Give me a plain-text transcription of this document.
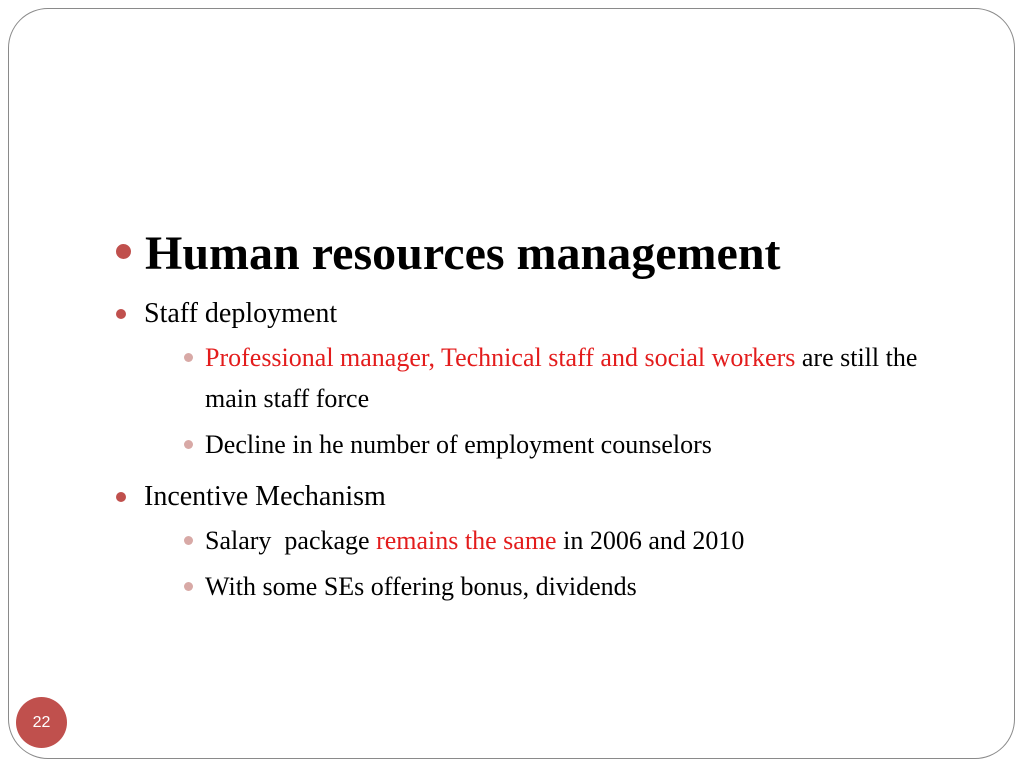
Human resources management
Staff deployment
Professional manager, Technical staff and social workers are still the main staff force
Decline in he number of employment counselors
Incentive Mechanism
Salary  package remains the same in 2006 and 2010
With some SEs offering bonus, dividends
22
